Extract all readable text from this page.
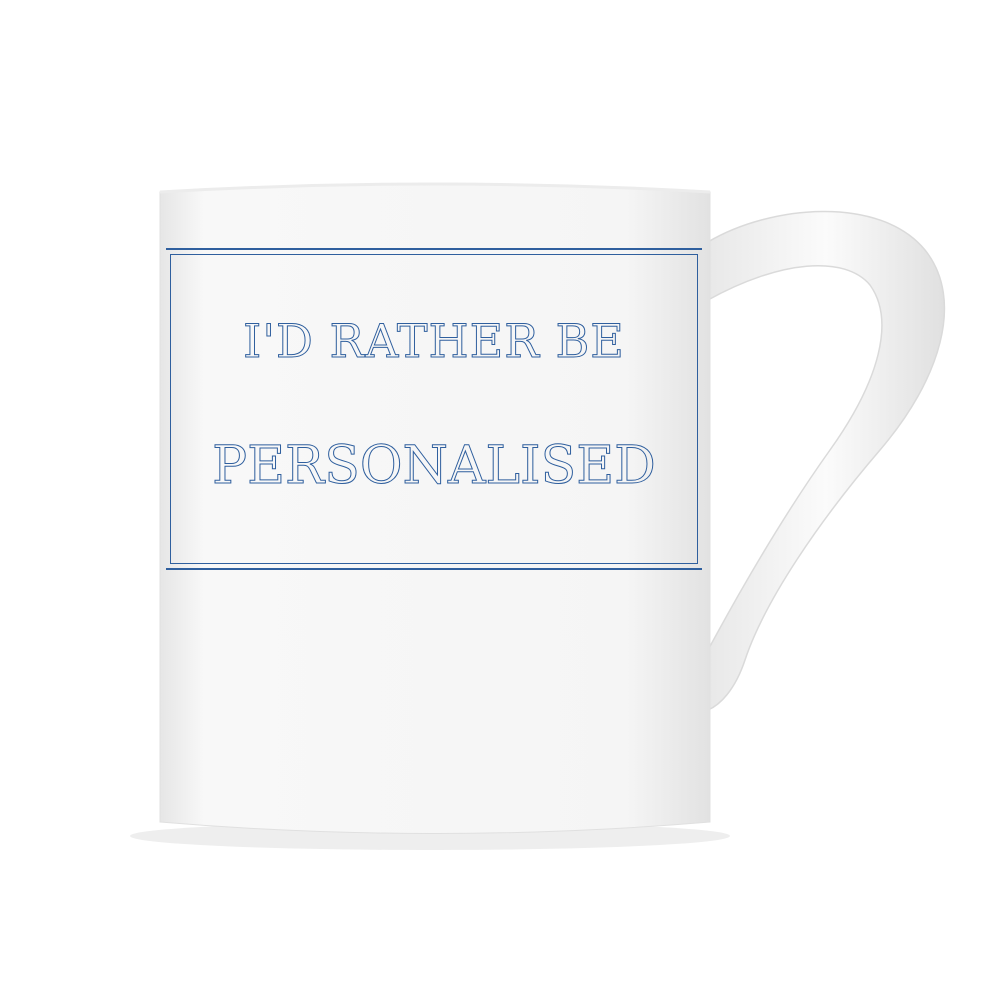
I'D RATHER BE
PERSONALISED
